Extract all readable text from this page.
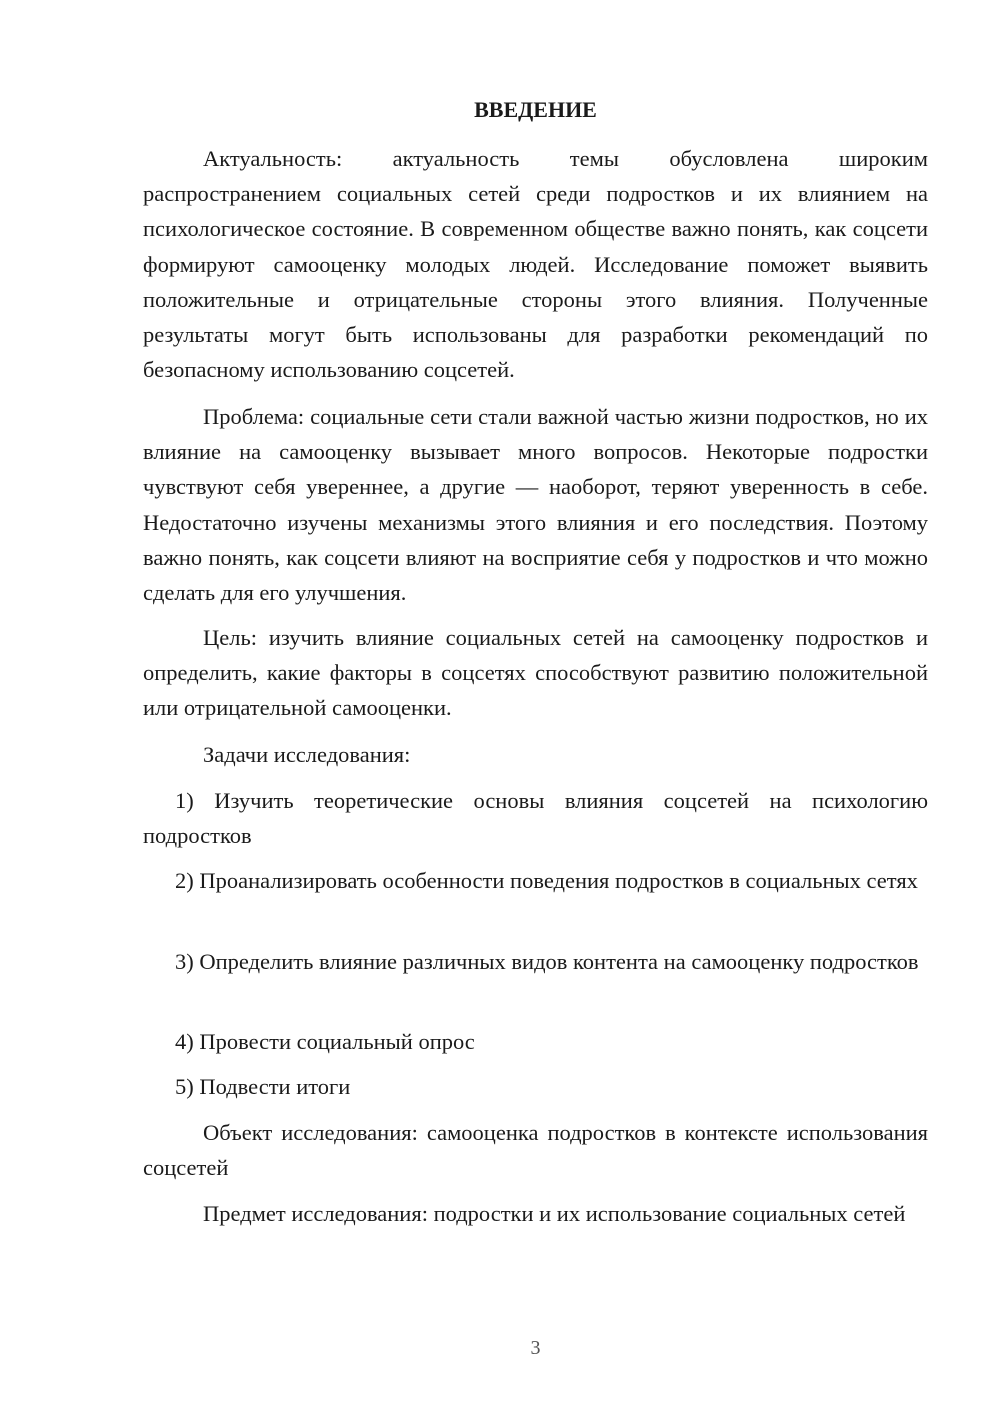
ВВЕДЕНИЕ

Актуальность: актуальность темы обусловлена широким распространением социальных сетей среди подростков и их влиянием на психологическое состояние. В современном обществе важно понять, как соцсети формируют самооценку молодых людей. Исследование поможет выявить положительные и отрицательные стороны этого влияния. Полученные результаты могут быть использованы для разработки рекомендаций по безопасному использованию соцсетей.

Проблема: социальные сети стали важной частью жизни подростков, но их влияние на самооценку вызывает много вопросов. Некоторые подростки чувствуют себя увереннее, а другие — наоборот, теряют уверенность в себе. Недостаточно изучены механизмы этого влияния и его последствия. Поэтому важно понять, как соцсети влияют на восприятие себя у подростков и что можно сделать для его улучшения.

Цель: изучить влияние социальных сетей на самооценку подростков и определить, какие факторы в соцсетях способствуют развитию положительной или отрицательной самооценки.

Задачи исследования:

1) Изучить теоретические основы влияния соцсетей на психологию подростков

2) Проанализировать особенности поведения подростков в социальных сетях

3) Определить влияние различных видов контента на самооценку подростков

4) Провести социальный опрос

5) Подвести итоги

Объект исследования: самооценка подростков в контексте использования соцсетей

Предмет исследования: подростки и их использование социальных сетей

3
